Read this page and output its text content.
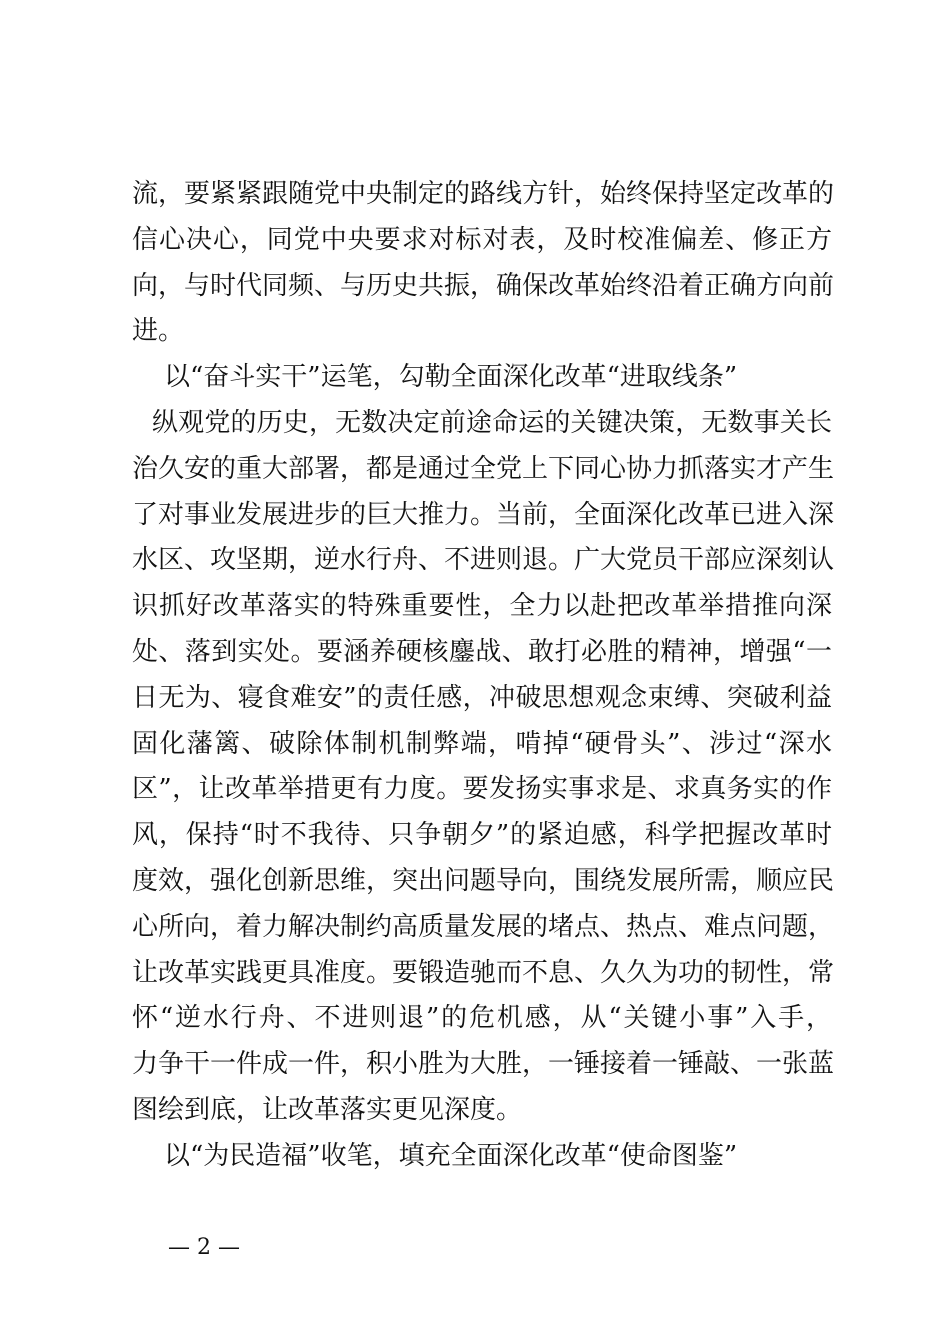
流，要紧紧跟随党中央制定的路线方针，始终保持坚定改革的
信心决心，同党中央要求对标对表，及时校准偏差、修正方
向，与时代同频、与历史共振，确保改革始终沿着正确方向前
进。
以“奋斗实干”运笔，勾勒全面深化改革“进取线条”
纵观党的历史，无数决定前途命运的关键决策，无数事关长
治久安的重大部署，都是通过全党上下同心协力抓落实才产生
了对事业发展进步的巨大推力。当前，全面深化改革已进入深
水区、攻坚期，逆水行舟、不进则退。广大党员干部应深刻认
识抓好改革落实的特殊重要性，全力以赴把改革举措推向深
处、落到实处。要涵养硬核鏖战、敢打必胜的精神，增强“一
日无为、寝食难安”的责任感，冲破思想观念束缚、突破利益
固化藩篱、破除体制机制弊端，啃掉“硬骨头”、涉过“深水
区”，让改革举措更有力度。要发扬实事求是、求真务实的作
风，保持“时不我待、只争朝夕”的紧迫感，科学把握改革时
度效，强化创新思维，突出问题导向，围绕发展所需，顺应民
心所向，着力解决制约高质量发展的堵点、热点、难点问题，
让改革实践更具准度。要锻造驰而不息、久久为功的韧性，常
怀“逆水行舟、不进则退”的危机感，从“关键小事”入手，
力争干一件成一件，积小胜为大胜，一锤接着一锤敲、一张蓝
图绘到底，让改革落实更见深度。
以“为民造福”收笔，填充全面深化改革“使命图鉴”
— 2 —
